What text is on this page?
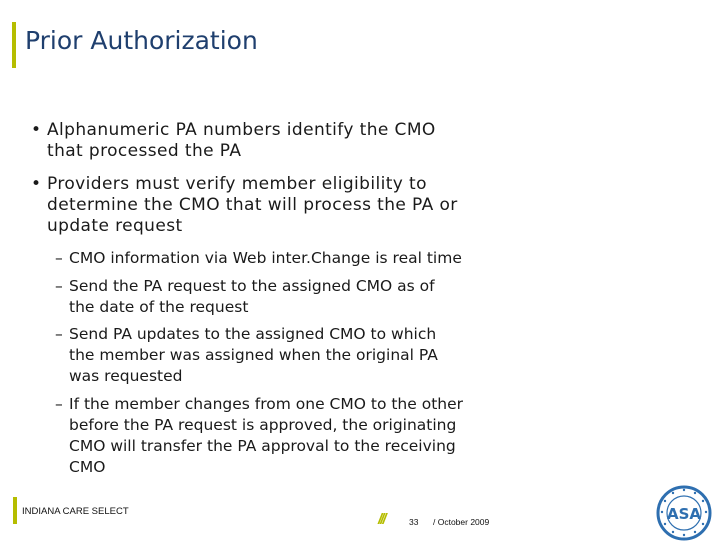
Prior Authorization
• Alphanumeric PA numbers identify the CMO
that processed the PA
• Providers must verify member eligibility to
determine the CMO that will process the PA or
update request
– CMO information via Web inter.Change is real time
– Send the PA request to the assigned CMO as of
the date of the request
– Send PA updates to the assigned CMO to which
the member was assigned when the original PA
was requested
– If the member changes from one CMO to the other
before the PA request is approved, the originating
CMO will transfer the PA approval to the receiving
CMO
INDIANA CARE SELECT	///	33 / October 2009	ASA
